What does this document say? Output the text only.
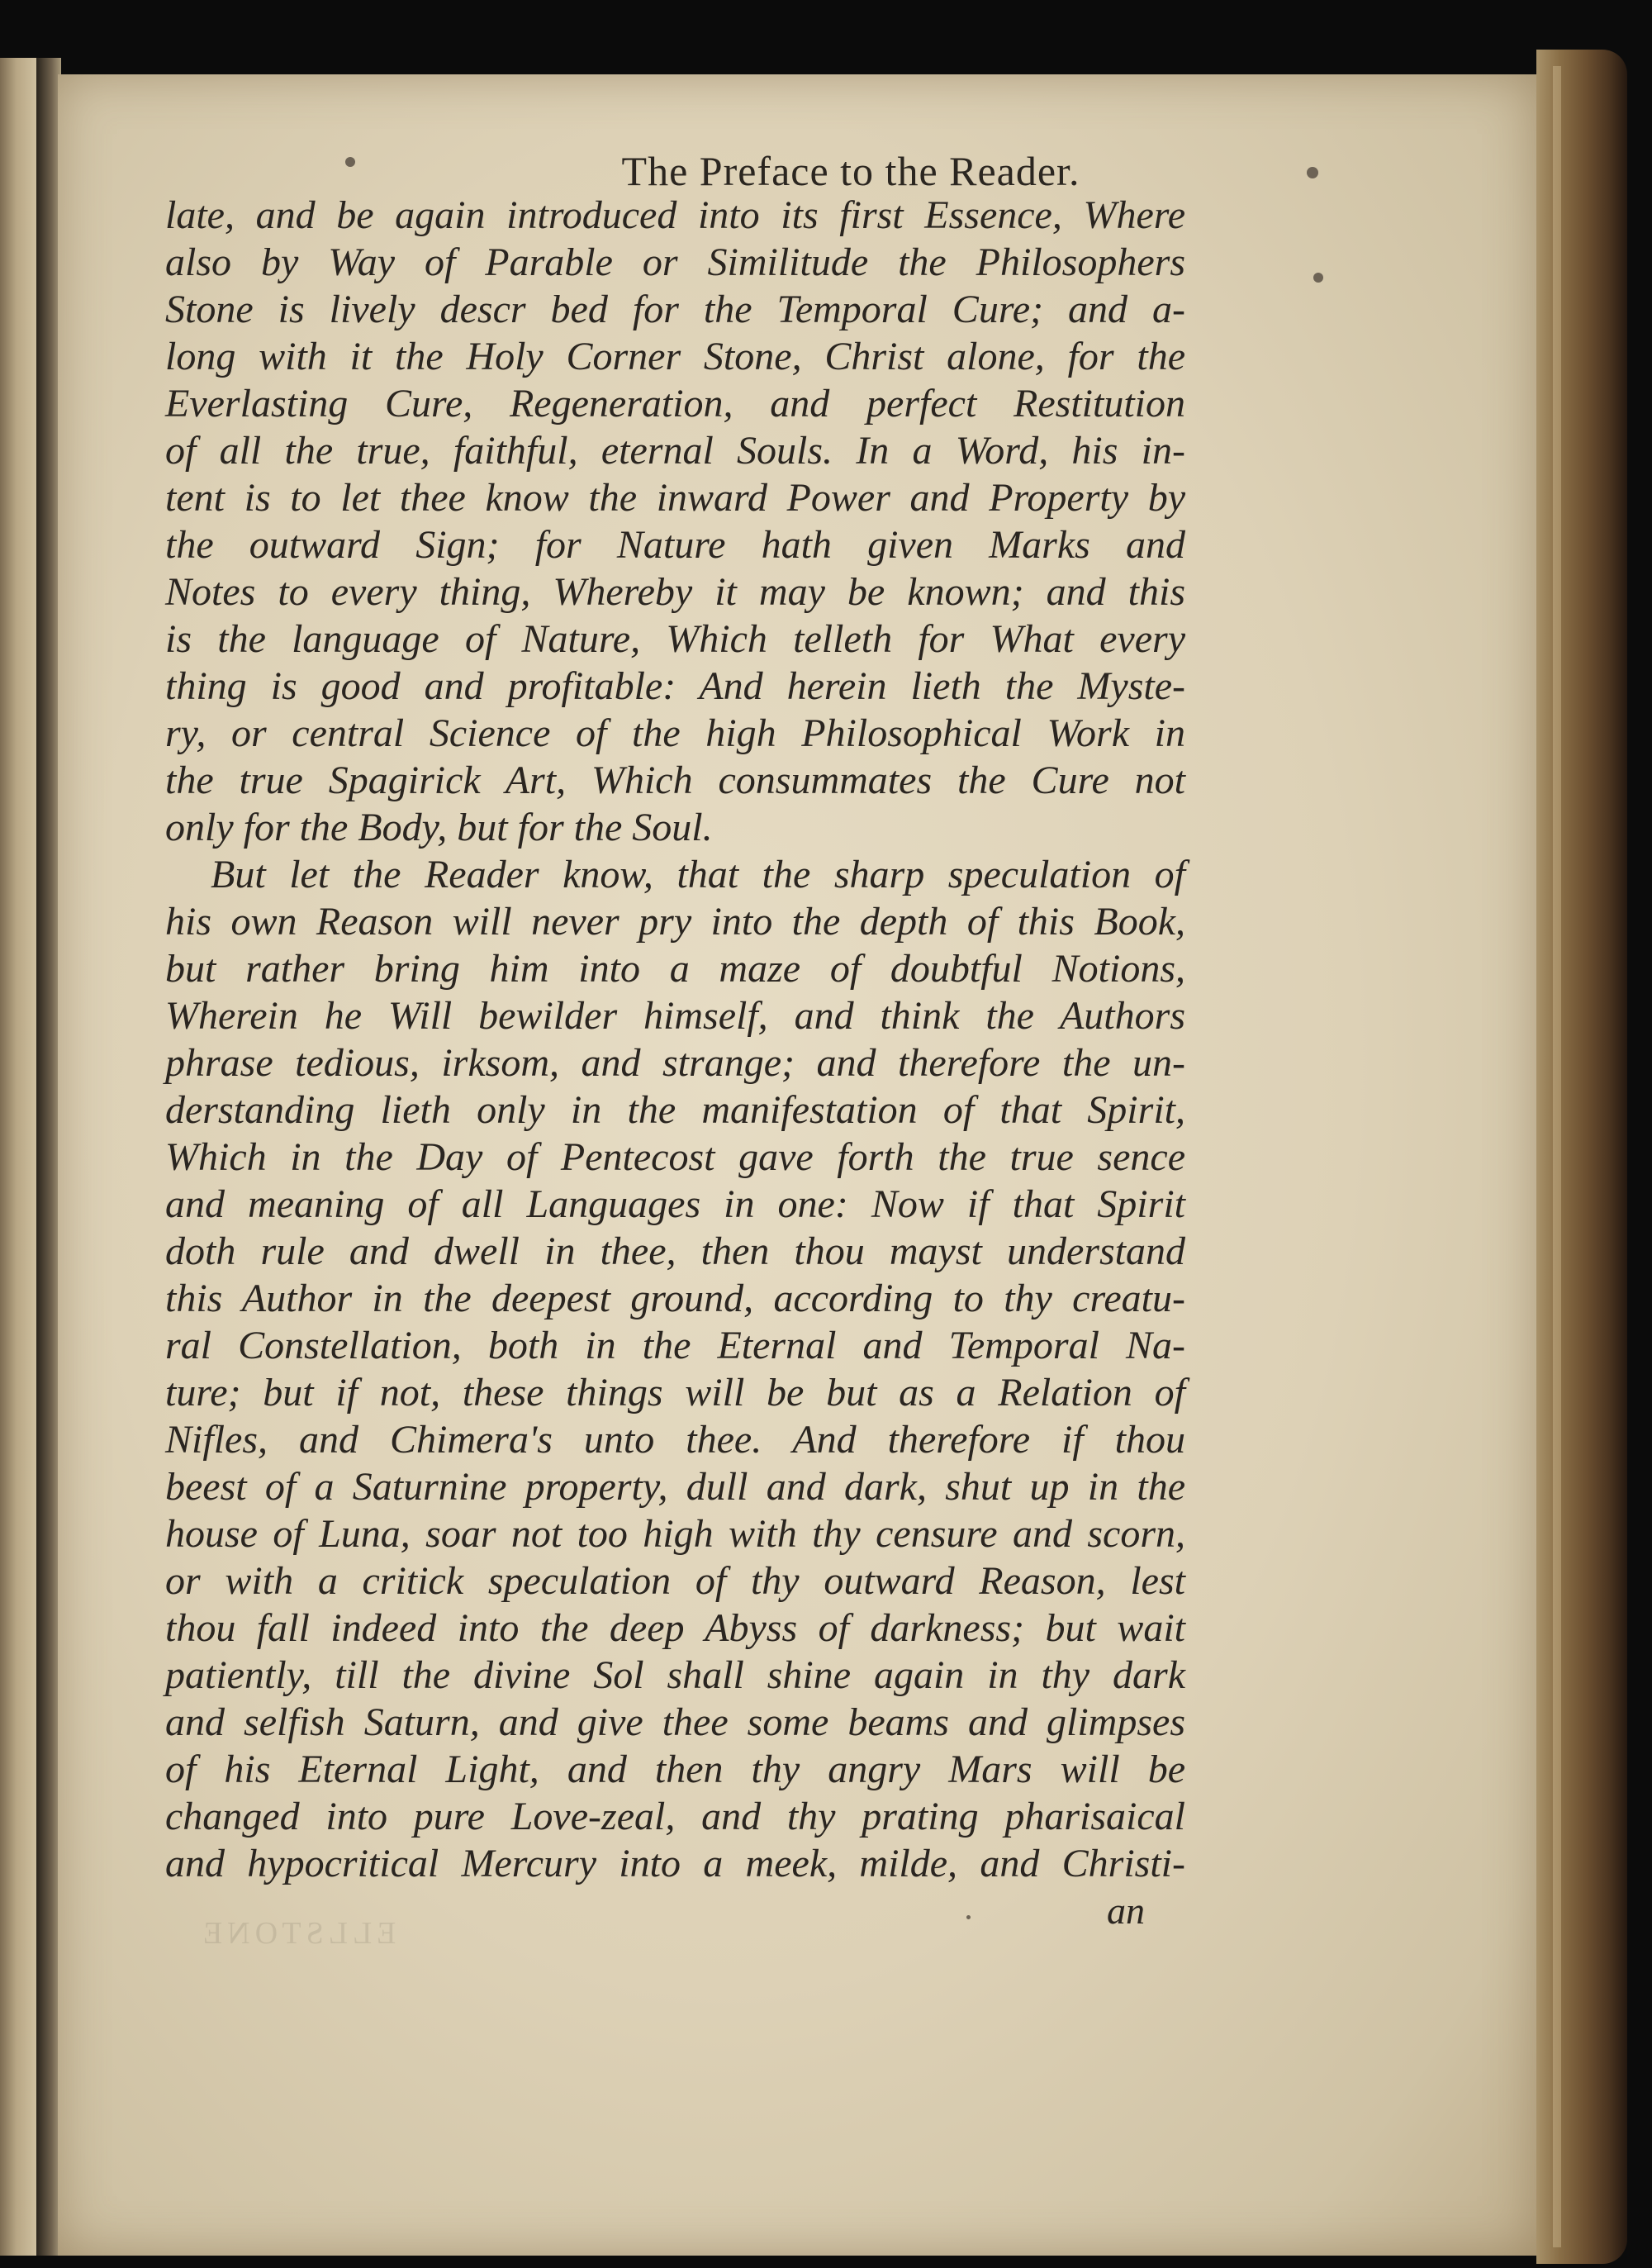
The Preface to the Reader.
late, and be again introduced into its first Essence, Where
also by Way of Parable or Similitude the Philosophers
Stone is lively descr bed for the Temporal Cure; and a-
long with it the Holy Corner Stone, Christ alone, for the
Everlasting Cure, Regeneration, and perfect Restitution
of all the true, faithful, eternal Souls. In a Word, his in-
tent is to let thee know the inward Power and Property by
the outward Sign; for Nature hath given Marks and
Notes to every thing, Whereby it may be known; and this
is the language of Nature, Which telleth for What every
thing is good and profitable: And herein lieth the Myste-
ry, or central Science of the high Philosophical Work in
the true Spagirick Art, Which consummates the Cure not
only for the Body, but for the Soul.
But let the Reader know, that the sharp speculation of
his own Reason will never pry into the depth of this Book,
but rather bring him into a maze of doubtful Notions,
Wherein he Will bewilder himself, and think the Authors
phrase tedious, irksom, and strange; and therefore the un-
derstanding lieth only in the manifestation of that Spirit,
Which in the Day of Pentecost gave forth the true sence
and meaning of all Languages in one: Now if that Spirit
doth rule and dwell in thee, then thou mayst understand
this Author in the deepest ground, according to thy creatu-
ral Constellation, both in the Eternal and Temporal Na-
ture; but if not, these things will be but as a Relation of
Nifles, and Chimera's unto thee. And therefore if thou
beest of a Saturnine property, dull and dark, shut up in the
house of Luna, soar not too high with thy censure and scorn,
or with a critick speculation of thy outward Reason, lest
thou fall indeed into the deep Abyss of darkness; but wait
patiently, till the divine Sol shall shine again in thy dark
and selfish Saturn, and give thee some beams and glimpses
of his Eternal Light, and then thy angry Mars will be
changed into pure Love-zeal, and thy prating pharisaical
and hypocritical Mercury into a meek, milde, and Christi-
ELLSTONE
an
